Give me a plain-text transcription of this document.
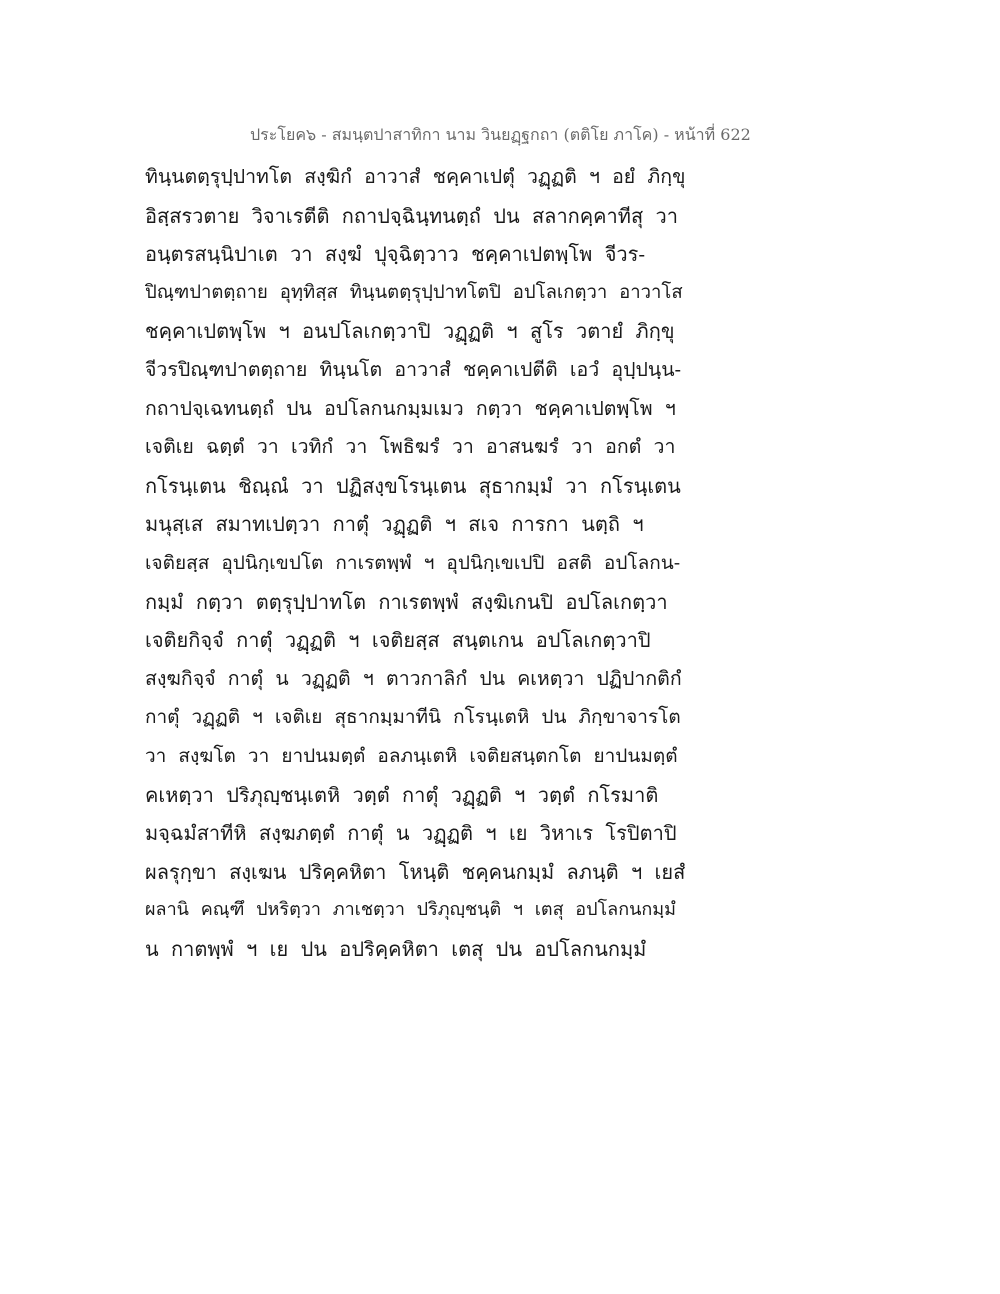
ประโยค๖ - สมนฺตปาสาทิกา นาม วินยฏฺฐกถา (ตติโย ภาโค) - หน้าที่ 622
ทินฺนตตฺรุปฺปาทโต สงฺฆิกํ อาวาสํ ชคฺคาเปตุํ วฏฺฏติ ฯ อยํ ภิกฺขุ
อิสฺสรวตาย วิจาเรตีติ กถาปจฺฉินฺทนตฺถํ ปน สลากคฺคาทีสุ วา
อนฺตรสนฺนิปาเต วา สงฺฆํ ปุจฺฉิตฺวาว ชคฺคาเปตพฺโพ จีวร-
ปิณฺฑปาตตฺถาย อุทฺทิสฺส ทินฺนตตฺรุปฺปาทโตปิ อปโลเกตฺวา อาวาโส
ชคฺคาเปตพฺโพ ฯ อนปโลเกตฺวาปิ วฏฺฏติ ฯ สูโร วตายํ ภิกฺขุ
จีวรปิณฺฑปาตตฺถาย ทินฺนโต อาวาสํ ชคฺคาเปตีติ เอวํ อุปฺปนฺน-
กถาปจฺเฉทนตฺถํ ปน อปโลกนกมฺมเมว กตฺวา ชคฺคาเปตพฺโพ ฯ
เจติเย ฉตฺตํ วา เวทิกํ วา โพธิฆรํ วา อาสนฆรํ วา อกตํ วา
กโรนฺเตน ชิณฺณํ วา ปฏิสงฺขโรนฺเตน สุธากมฺมํ วา กโรนฺเตน
มนุสฺเส สมาทเปตฺวา กาตุํ วฏฺฏติ ฯ สเจ การกา นตฺถิ ฯ
เจติยสฺส อุปนิกฺเขปโต กาเรตพฺพํ ฯ อุปนิกฺเขเปปิ อสติ อปโลกน-
กมฺมํ กตฺวา ตตฺรุปฺปาทโต กาเรตพฺพํ สงฺฆิเกนปิ อปโลเกตฺวา
เจติยกิจฺจํ กาตุํ วฏฺฏติ ฯ เจติยสฺส สนฺตเกน อปโลเกตฺวาปิ
สงฺฆกิจฺจํ กาตุํ น วฏฺฏติ ฯ ตาวกาลิกํ ปน คเหตฺวา ปฏิปากติกํ
กาตุํ วฏฺฏติ ฯ เจติเย สุธากมฺมาทีนิ กโรนฺเตหิ ปน ภิกฺขาจารโต
วา สงฺฆโต วา ยาปนมตฺตํ อลภนฺเตหิ เจติยสนฺตกโต ยาปนมตฺตํ
คเหตฺวา ปริภุญฺชนฺเตหิ วตฺตํ กาตุํ วฏฺฏติ ฯ วตฺตํ กโรมาติ
มจฺฉมํสาทีหิ สงฺฆภตฺตํ กาตุํ น วฏฺฏติ ฯ เย วิหาเร โรปิตาปิ
ผลรุกฺขา สงฺเฆน ปริคฺคหิตา โหนฺติ ชคฺคนกมฺมํ ลภนฺติ ฯ เยสํ
ผลานิ คณฺฑึ ปหริตฺวา ภาเชตฺวา ปริภุญฺชนฺติ ฯ เตสุ อปโลกนกมฺมํ
น กาตพฺพํ ฯ เย ปน อปริคฺคหิตา เตสุ ปน อปโลกนกมฺมํ
